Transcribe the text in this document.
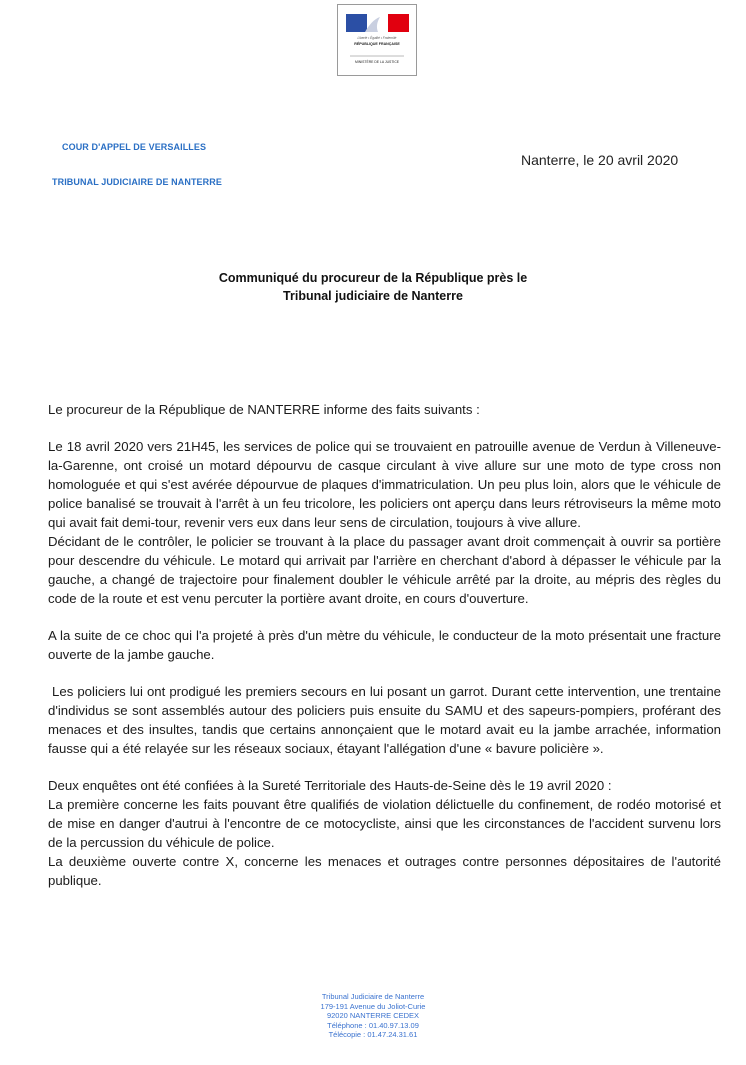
Liberté • Égalité • Fraternité
RÉPUBLIQUE FRANÇAISE
MINISTÈRE DE LA JUSTICE
COUR D'APPEL DE VERSAILLES
TRIBUNAL JUDICIAIRE DE NANTERRE
Nanterre, le 20 avril 2020
Communiqué du procureur de la République près le
Tribunal judiciaire de Nanterre

Le procureur de la République de NANTERRE informe des faits suivants :

Le 18 avril 2020 vers 21H45, les services de police qui se trouvaient en patrouille avenue de Verdun à Villeneuve-la-Garenne, ont croisé un motard dépourvu de casque circulant à vive allure sur une moto de type cross non homologuée et qui s'est avérée dépourvue de plaques d'immatriculation. Un peu plus loin, alors que le véhicule de police banalisé se trouvait à l'arrêt à un feu tricolore, les policiers ont aperçu dans leurs rétroviseurs la même moto qui avait fait demi-tour, revenir vers eux dans leur sens de circulation, toujours à vive allure.

Décidant de le contrôler, le policier se trouvant à la place du passager avant droit commençait à ouvrir sa portière pour descendre du véhicule. Le motard qui arrivait par l'arrière en cherchant d'abord à dépasser le véhicule par la gauche, a changé de trajectoire pour finalement doubler le véhicule arrêté par la droite, au mépris des règles du code de la route et est venu percuter la portière avant droite, en cours d'ouverture.

A la suite de ce choc qui l'a projeté à près d'un mètre du véhicule, le conducteur de la moto présentait une fracture ouverte de la jambe gauche.

Les policiers lui ont prodigué les premiers secours en lui posant un garrot. Durant cette intervention, une trentaine d'individus se sont assemblés autour des policiers puis ensuite du SAMU et des sapeurs-pompiers, proférant des menaces et des insultes, tandis que certains annonçaient que le motard avait eu la jambe arrachée, information fausse qui a été relayée sur les réseaux sociaux, étayant l'allégation d'une « bavure policière ».

Deux enquêtes ont été confiées à la Sureté Territoriale des Hauts-de-Seine dès le 19 avril 2020 :

La première concerne les faits pouvant être qualifiés de violation délictuelle du confinement, de rodéo motorisé et de mise en danger d'autrui à l'encontre de ce motocycliste, ainsi que les circonstances de l'accident survenu lors de la percussion du véhicule de police.

La deuxième ouverte contre X, concerne les menaces et outrages contre personnes dépositaires de l'autorité publique.

Tribunal Judiciaire de Nanterre
179-191 Avenue du Joliot-Curie
92020 NANTERRE CEDEX
Téléphone : 01.40.97.13.09
Télécopie : 01.47.24.31.61
